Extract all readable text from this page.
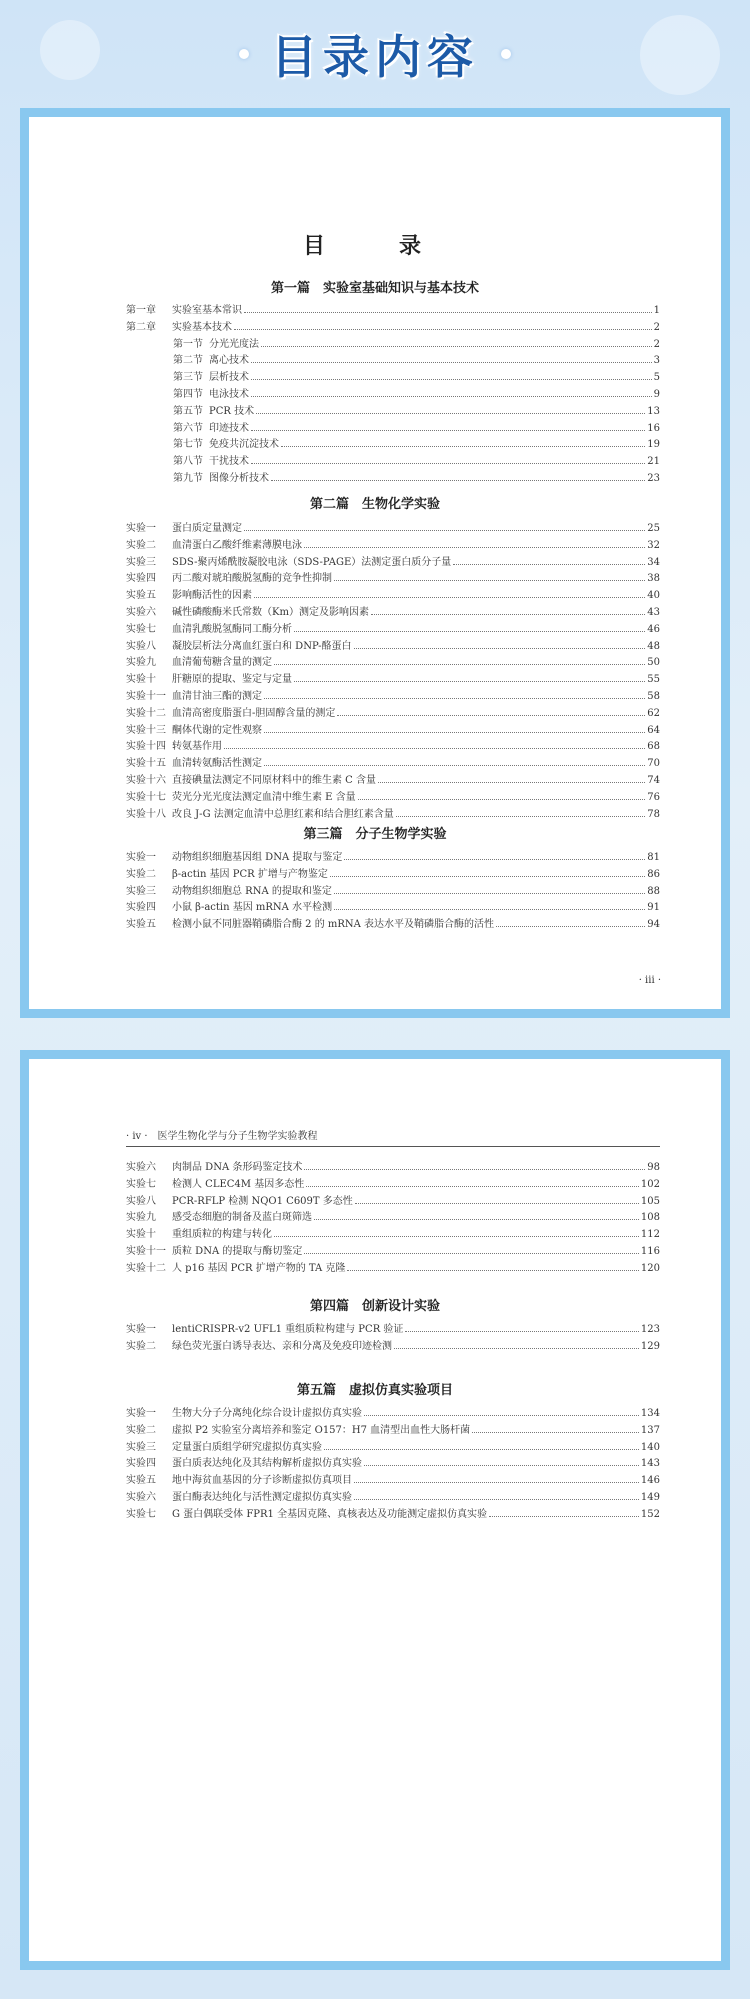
目录内容
目　录
第一篇　实验室基础知识与基本技术
第一章	实验室基本常识	1
第二章	实验基本技术	2
第一节 分光光度法	2
第二节 离心技术	3
第三节 层析技术	5
第四节 电泳技术	9
第五节 PCR 技术	13
第六节 印迹技术	16
第七节 免疫共沉淀技术	19
第八节 干扰技术	21
第九节 图像分析技术	23
第二篇　生物化学实验
实验一	蛋白质定量测定	25
实验二	血清蛋白乙酸纤维素薄膜电泳	32
实验三	SDS-聚丙烯酰胺凝胶电泳（SDS-PAGE）法测定蛋白质分子量	34
实验四	丙二酸对琥珀酸脱氢酶的竞争性抑制	38
实验五	影响酶活性的因素	40
实验六	碱性磷酸酶米氏常数（Km）测定及影响因素	43
实验七	血清乳酸脱氢酶同工酶分析	46
实验八	凝胶层析法分离血红蛋白和 DNP-酪蛋白	48
实验九	血清葡萄糖含量的测定	50
实验十	肝糖原的提取、鉴定与定量	55
实验十一 血清甘油三酯的测定	58
实验十二 血清高密度脂蛋白-胆固醇含量的测定	62
实验十三 酮体代谢的定性观察	64
实验十四 转氨基作用	68
实验十五 血清转氨酶活性测定	70
实验十六 直接碘量法测定不同原材料中的维生素 C 含量	74
实验十七 荧光分光光度法测定血清中维生素 E 含量	76
实验十八 改良 J-G 法测定血清中总胆红素和结合胆红素含量	78
第三篇　分子生物学实验
实验一	动物组织细胞基因组 DNA 提取与鉴定	81
实验二	β-actin 基因 PCR 扩增与产物鉴定	86
实验三	动物组织细胞总 RNA 的提取和鉴定	88
实验四	小鼠 β-actin 基因 mRNA 水平检测	91
实验五	检测小鼠不同脏器鞘磷脂合酶 2 的 mRNA 表达水平及鞘磷脂合酶的活性	94
· iii ·
· iv ·　医学生物化学与分子生物学实验教程
实验六	肉制品 DNA 条形码鉴定技术	98
实验七	检测人 CLEC4M 基因多态性	102
实验八	PCR-RFLP 检测 NQO1 C609T 多态性	105
实验九	感受态细胞的制备及蓝白斑筛选	108
实验十	重组质粒的构建与转化	112
实验十一 质粒 DNA 的提取与酶切鉴定	116
实验十二 人 p16 基因 PCR 扩增产物的 TA 克隆	120
第四篇　创新设计实验
实验一	lentiCRISPR-v2 UFL1 重组质粒构建与 PCR 验证	123
实验二	绿色荧光蛋白诱导表达、亲和分离及免疫印迹检测	129
第五篇　虚拟仿真实验项目
实验一	生物大分子分离纯化综合设计虚拟仿真实验	134
实验二	虚拟 P2 实验室分离培养和鉴定 O157：H7 血清型出血性大肠杆菌	137
实验三	定量蛋白质组学研究虚拟仿真实验	140
实验四	蛋白质表达纯化及其结构解析虚拟仿真实验	143
实验五	地中海贫血基因的分子诊断虚拟仿真项目	146
实验六	蛋白酶表达纯化与活性测定虚拟仿真实验	149
实验七	G 蛋白偶联受体 FPR1 全基因克隆、真核表达及功能测定虚拟仿真实验	152
